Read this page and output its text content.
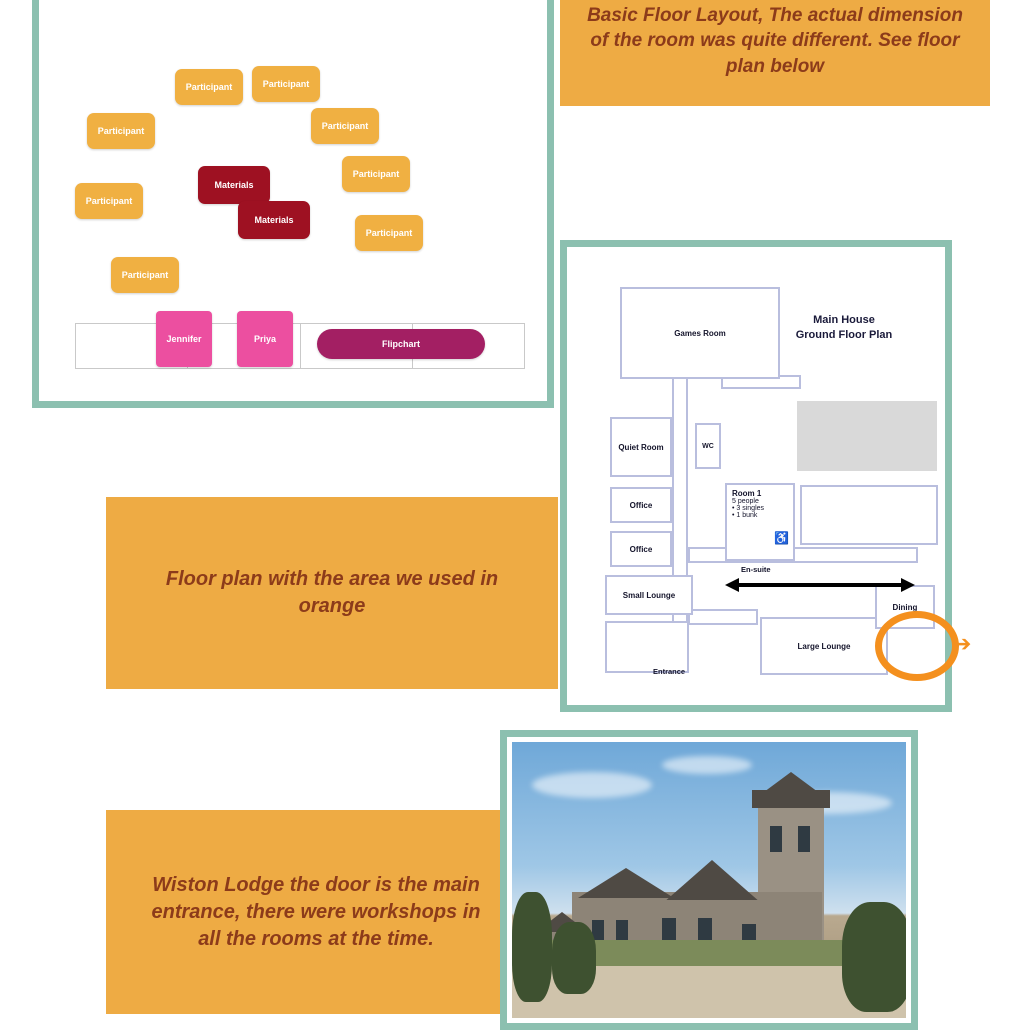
Participant	Participant
Participant	Participant
Participant
Participant
Participant
Participant
Materials
Materials
Jennifer	Priya	Flipchart
Basic Floor Layout, The actual dimension of the room was quite different. See floor plan below
Main House
Ground Floor Plan
Games Room
Quiet Room	WC
Office
Office
Small Lounge
Large Lounge
Dining
Room 1
5 people
• 3 singles
• 1 bunk
♿
En-suite
Entrance
➔
Floor plan with the area we used in orange
Wiston Lodge the door is the main entrance, there were workshops in all the rooms at the time.
